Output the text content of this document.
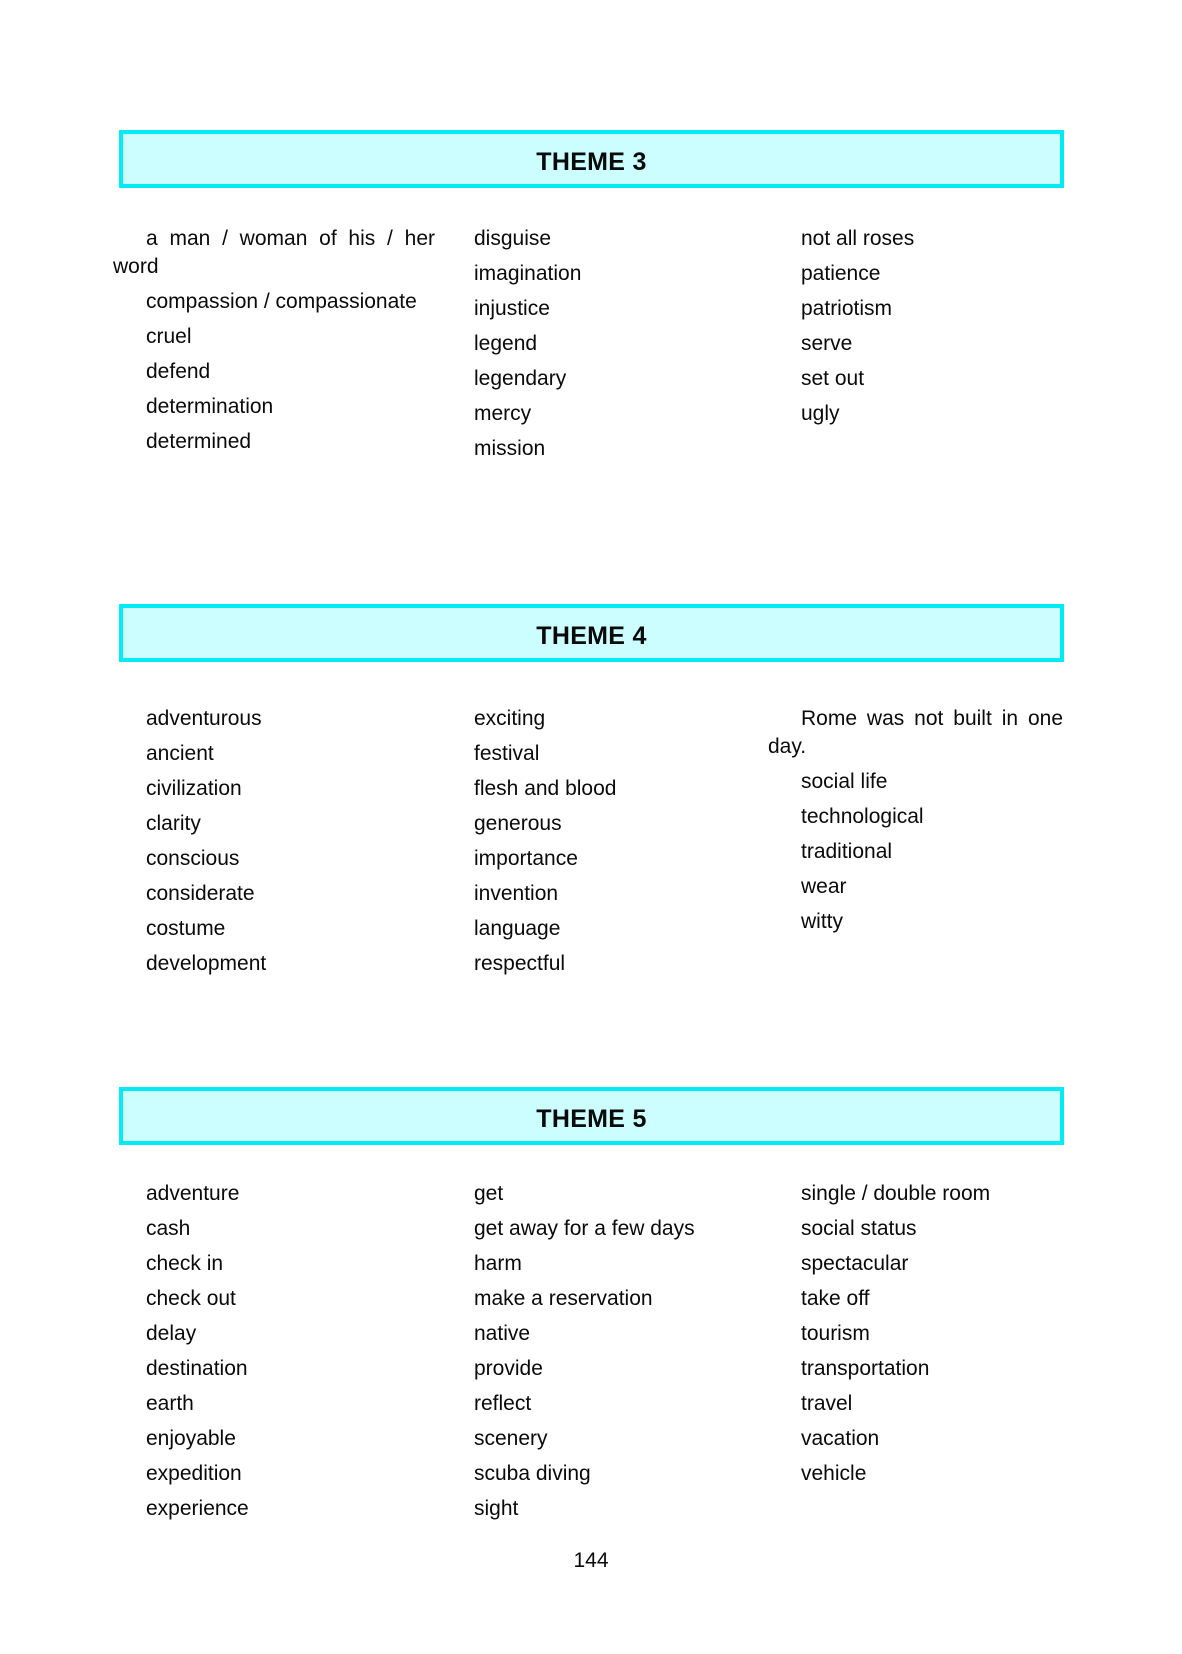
THEME 3

a man / woman of his / her
word

compassion / compassionate

cruel

defend

determination

determined

disguise

imagination

injustice

legend

legendary

mercy

mission

not all roses

patience

patriotism

serve

set out

ugly

THEME 4

adventurous

ancient

civilization

clarity

conscious

considerate

costume

development

exciting

festival

flesh and blood

generous

importance

invention

language

respectful

Rome was not built in one
day.

social life

technological

traditional

wear

witty

THEME 5

adventure

cash

check in

check out

delay

destination

earth

enjoyable

expedition

experience

get

get away for a few days

harm

make a reservation

native

provide

reflect

scenery

scuba diving

sight

single / double room

social status

spectacular

take off

tourism

transportation

travel

vacation

vehicle

144
